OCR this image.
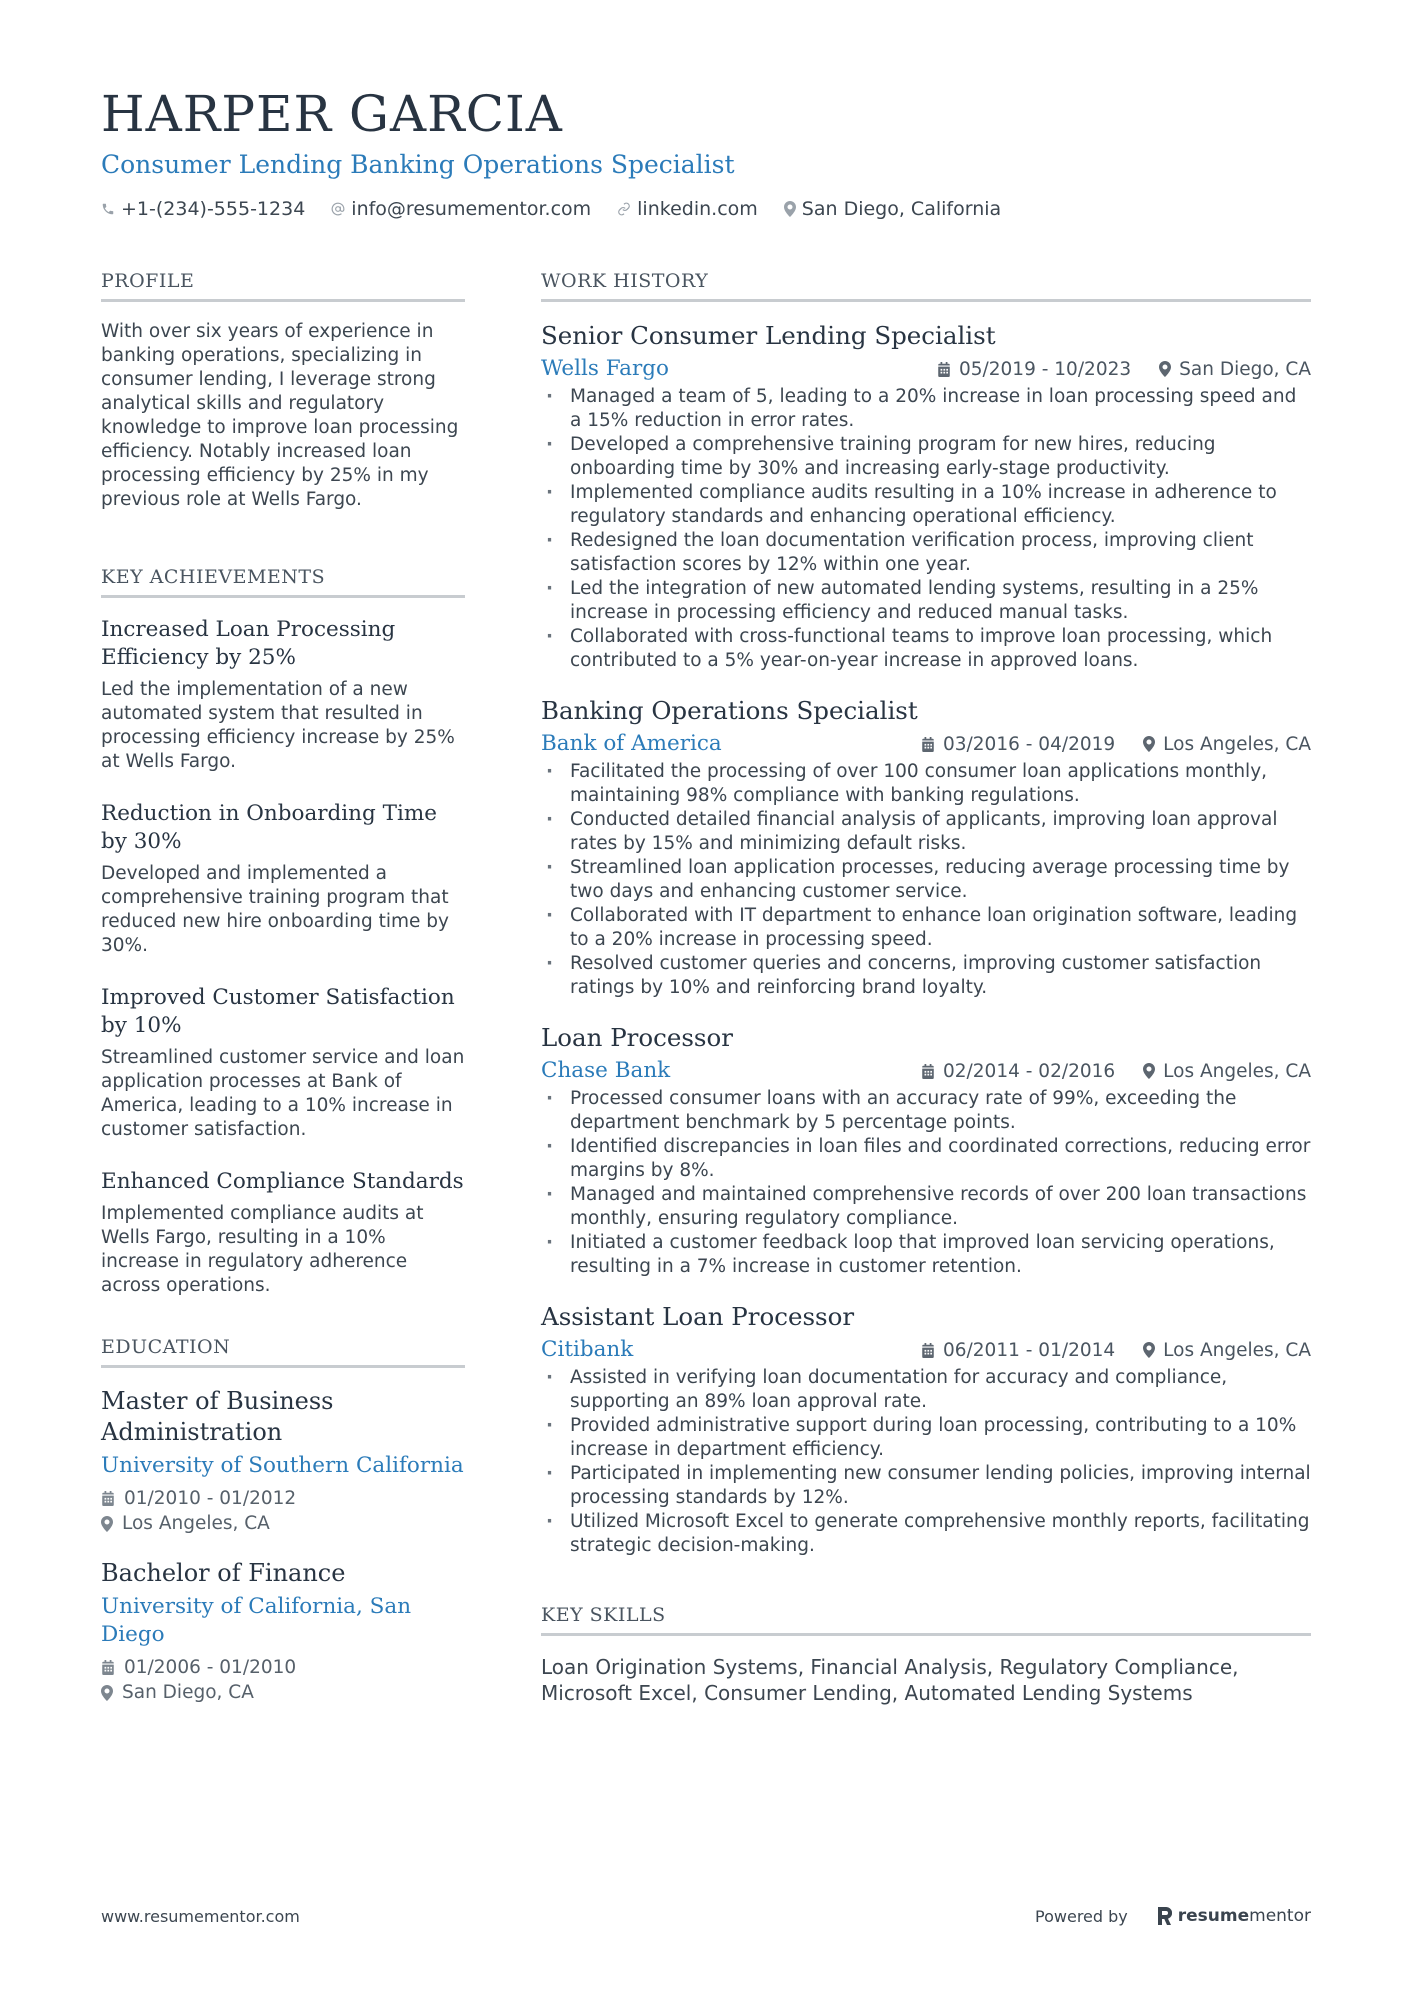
HARPER GARCIA
Consumer Lending Banking Operations Specialist
+1-(234)-555-1234 info@resumementor.com linkedin.com San Diego, California
PROFILE
With over six years of experience in banking operations, specializing in consumer lending, I leverage strong analytical skills and regulatory knowledge to improve loan processing efficiency. Notably increased loan processing efficiency by 25% in my previous role at Wells Fargo.
KEY ACHIEVEMENTS
Increased Loan Processing Efficiency by 25%
Led the implementation of a new automated system that resulted in processing efficiency increase by 25% at Wells Fargo.
Reduction in Onboarding Time by 30%
Developed and implemented a comprehensive training program that reduced new hire onboarding time by 30%.
Improved Customer Satisfaction by 10%
Streamlined customer service and loan application processes at Bank of America, leading to a 10% increase in customer satisfaction.
Enhanced Compliance Standards
Implemented compliance audits at Wells Fargo, resulting in a 10% increase in regulatory adherence across operations.
EDUCATION
Master of Business Administration
University of Southern California
01/2010 - 01/2012
Los Angeles, CA
Bachelor of Finance
University of California, San Diego
01/2006 - 01/2010
San Diego, CA
WORK HISTORY
Senior Consumer Lending Specialist
Wells Fargo	05/2019 - 10/2023	San Diego, CA
· Managed a team of 5, leading to a 20% increase in loan processing speed and a 15% reduction in error rates.
· Developed a comprehensive training program for new hires, reducing onboarding time by 30% and increasing early-stage productivity.
· Implemented compliance audits resulting in a 10% increase in adherence to regulatory standards and enhancing operational efficiency.
· Redesigned the loan documentation verification process, improving client satisfaction scores by 12% within one year.
· Led the integration of new automated lending systems, resulting in a 25% increase in processing efficiency and reduced manual tasks.
· Collaborated with cross-functional teams to improve loan processing, which contributed to a 5% year-on-year increase in approved loans.
Banking Operations Specialist
Bank of America	03/2016 - 04/2019	Los Angeles, CA
· Facilitated the processing of over 100 consumer loan applications monthly, maintaining 98% compliance with banking regulations.
· Conducted detailed financial analysis of applicants, improving loan approval rates by 15% and minimizing default risks.
· Streamlined loan application processes, reducing average processing time by two days and enhancing customer service.
· Collaborated with IT department to enhance loan origination software, leading to a 20% increase in processing speed.
· Resolved customer queries and concerns, improving customer satisfaction ratings by 10% and reinforcing brand loyalty.
Loan Processor
Chase Bank	02/2014 - 02/2016	Los Angeles, CA
· Processed consumer loans with an accuracy rate of 99%, exceeding the department benchmark by 5 percentage points.
· Identified discrepancies in loan files and coordinated corrections, reducing error margins by 8%.
· Managed and maintained comprehensive records of over 200 loan transactions monthly, ensuring regulatory compliance.
· Initiated a customer feedback loop that improved loan servicing operations, resulting in a 7% increase in customer retention.
Assistant Loan Processor
Citibank	06/2011 - 01/2014	Los Angeles, CA
· Assisted in verifying loan documentation for accuracy and compliance, supporting an 89% loan approval rate.
· Provided administrative support during loan processing, contributing to a 10% increase in department efficiency.
· Participated in implementing new consumer lending policies, improving internal processing standards by 12%.
· Utilized Microsoft Excel to generate comprehensive monthly reports, facilitating strategic decision-making.
KEY SKILLS
Loan Origination Systems, Financial Analysis, Regulatory Compliance, Microsoft Excel, Consumer Lending, Automated Lending Systems
www.resumementor.com	Powered by	resume mentor
